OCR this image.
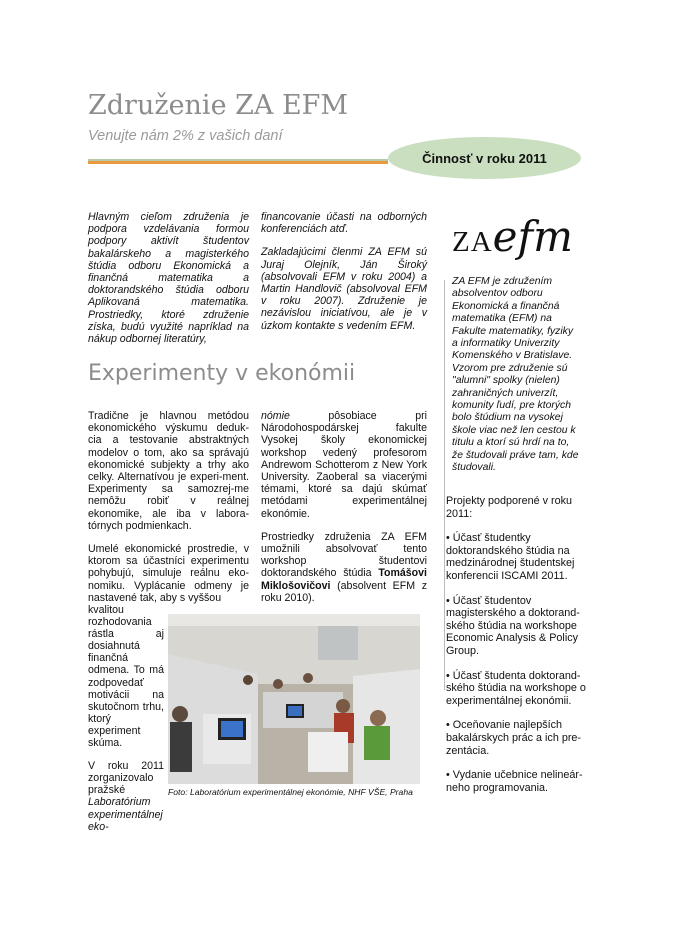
Združenie ZA EFM
Venujte nám 2% z vašich daní
Činnosť v roku 2011

Hlavným cieľom združenia je podpora vzdelávania formou podpory aktivít študentov bakalárskeho a magisterkého štúdia odboru Ekonomická a finančná matematika a doktorandského štúdia odboru Aplikovaná matematika. Prostriedky, ktoré združenie získa, budú využité napríklad na nákup odbornej literatúry,

financovanie účasti na odborných konferenciách atď.

Zakladajúcimi členmi ZA EFM sú Juraj Olejník, Ján Široký (absolvovali EFM v roku 2004) a Martin Handlovič (absolvoval EFM v roku 2007). Združenie je nezávislou iniciatívou, ale je v úzkom kontakte s vedením EFM.

ZAefm
ZA EFM je združením absolventov odboru Ekonomická a finančná matematika (EFM) na Fakulte matematiky, fyziky a informatiky Univerzity Komenského v Bratislave. Vzorom pre združenie sú "alumni" spolky (nielen) zahraničných univerzít, komunity ľudí, pre ktorých bolo štúdium na vysokej škole viac než len cestou k titulu a ktorí sú hrdí na to, že študovali práve tam, kde študovali.

Projekty podporené v roku 2011:

• Účasť študentky doktorandského štúdia na medzinárodnej študentskej konferencii ISCAMI 2011.
• Účasť študentov magisterského a doktorand-ského štúdia na workshope Economic Analysis & Policy Group.
• Účasť študenta doktorand-ského štúdia na workshope o experimentálnej ekonómii.
• Oceňovanie najlepších bakalárskych prác a ich pre-zentácia.
• Vydanie učebnice nelineár-neho programovania.
Experimenty v ekonómii

Tradične je hlavnou metódou ekonomického výskumu deduk-cia a testovanie abstraktných modelov o tom, ako sa správajú ekonomické subjekty a trhy ako celky. Alternatívou je experi-ment. Experimenty sa samozrej-me nemôžu robiť v reálnej ekonomike, ale iba v labora-tórnych podmienkach.

Umelé ekonomické prostredie, v ktorom sa účastníci experimentu pohybujú, simuluje reálnu eko-nomiku. Vyplácanie odmeny je nastavené tak, aby s vyššou

kvalitou rozhodovania rástla aj dosiahnutá finančná odmena. To má zodpovedať motivácii na skutočnom trhu, ktorý experiment skúma.

V roku 2011 zorganizovalo pražské Laboratórium experimentálnej eko-

nómie pôsobiace pri Národohospodárskej fakulte Vysokej školy ekonomickej workshop vedený profesorom Andrewom Schotterom z New York University. Zaoberal sa viacerými témami, ktoré sa dajú skúmať metódami experimentálnej ekonómie.

Prostriedky združenia ZA EFM umožnili absolvovať tento workshop študentovi doktorandského štúdia Tomášovi Miklošovičovi (absolvent EFM z roku 2010).

Foto: Laboratórium experimentálnej ekonómie, NHF VŠE, Praha
